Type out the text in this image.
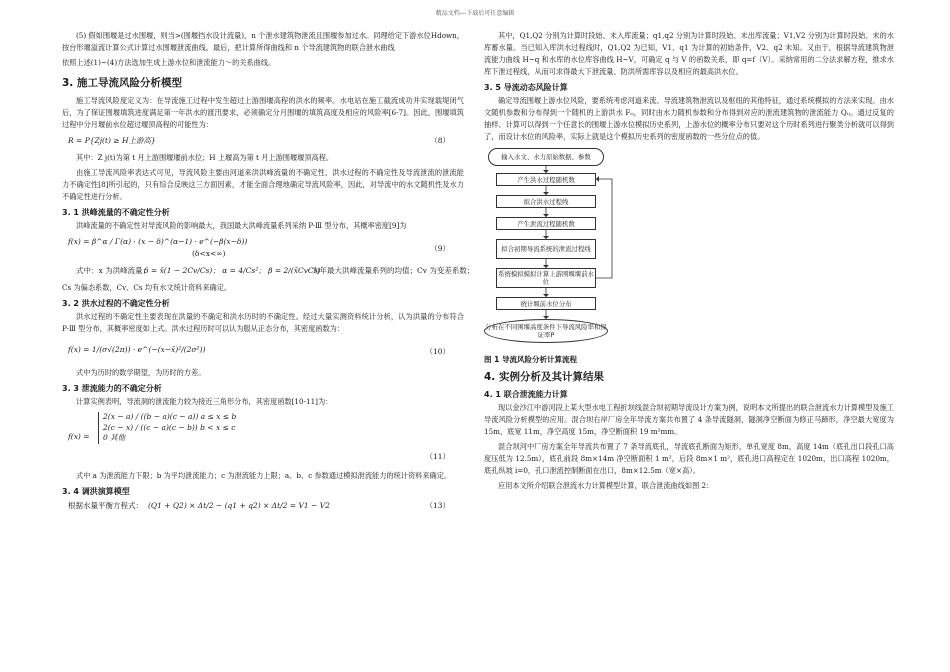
精品文档---下载后可任意编辑

(5) 假如围堰是过水围堰，则当>(围堰挡水设计流量)，n 个泄水建筑物泄流且围堰参加过水。同理给定下游水位Hdown，按台形堰溢流计算公式计算过水围堰泄流曲线。最后，把计算所得曲线和 n 个导流建筑物的联合泄水曲线

依照上述(1)~(4)方法选加生成上游水位和泄流能力～的关系曲线。

3. 施工导流风险分析模型

施工导流风险度定义为：在导流施工过程中发生超过上游围堰高程的洪水的频率。水电站在施工截流成功并实现载堤闭气后，为了保证围堰填筑进度满足第一年洪水的渡汛要求，必须确定分月围堰的填筑高度及相应的风险率[6-7]。因此，围堰填筑过程中分月堰前水位超过堰顶高程的可能性为：

R = P{Zj(t) ≥ H上游高}	（8）

其中：Z j(t)为第 t 月上游围堰堰前水位；H 上堰高为第 t 月上游围堰堰顶高程。

由施工导流风险率表达式可见，导流风险主要由河道来洪洪峰流量的不确定性、洪水过程的不确定性及导流泄流的泄流能力不确定性[8]所引起的，只有综合反映这三方面因素，才能全面合理地确定导流风险率，因此，对导流中的水文随机性及水力不确定性进行分析。

3. 1 洪峰流量的不确定性分析

洪峰流量的不确定性对导流风险的影响最大，我国最大洪峰流量系列采纳 P-Ⅲ 型分布，其概率密度[9]为

f(x) = β^α / Γ(α) · (x − δ)^(α−1) · e^(−β(x−δ))
(δ<x<∞)
（9）
式中：x 为洪峰流量；
δ = x̄(1 − 2Cv/Cs)； α = 4/Cs²； β = 2/(x̄CvCs)
为年最大洪峰流量系列的均值；Cv 为变差系数；

Cs 为偏态系数，Cv、Cs 均有水文统计资料来确定。

3. 2 洪水过程的不确定性分析

洪水过程的不确定性主要表现在洪量的不确定和洪水历时的不确定性。经过大量实测资料统计分析，认为洪量的分布符合 P-Ⅲ 型分布，其概率密度如上式。洪水过程历时可以认为服从正态分布，其密度函数为：

f(x) = 1/(σ√(2π)) · e^(−(x−x̄)²/(2σ²))	（10）

式中为历时的数学期望，为历时的方差。

3. 3 泄流能力的不确定分析

计算实例表明，导流洞的泄流能力较为接近三角形分布，其密度函数[10-11]为：

f(x) =
2(x − a) / ((b − a)(c − a)) a ≤ x ≤ b
2(c − x) / ((c − a)(c − b)) b < x ≤ c
0 其他
（11）

式中 a 为泄流能力下限；b 为平均泄流能力；c 为泄流能力上限；a、b、c 参数通过模拟泄流能力的统计资料来确定。

3. 4 调洪演算模型
根据水量平衡方程式： (Q1 + Q2) × Δt/2 − (q1 + q2) × Δt/2 = V1 − V2	（13）

其中，Q1,Q2 分别为计算时段始、末入库流量；q1,q2 分别为计算时段始、末出库流量；V1,V2 分别为计算时段始、末的水库蓄水量。当已知入库洪水过程线时，Q1,Q2 为已知，V1、q1 为计算的初始条件，V2、q2 未知。又由于，根据导流建筑物泄流能力曲线 H~q 和水库的水位库容曲线 H~V，可确定 q 与 V 的函数关系，即 q=f（V）。采纳常用的二分法求解方程，推求水库下泄过程线，从而可求得最大下泄流量、防洪所需库容以及相应的最高洪水位。

3. 5 导流动态风险计算

确定导流围堰上游水位风险，要系统考虑河道来流、导流建筑物泄流以及枢纽的其他特征，通过系统模拟的方法来实现。由水文随机参数和分布得到一个随机的上游洪水 Fᵢⱼ，同时由水力随机参数和分布得到对应的泄流建筑物的泄流能力 Qᵢⱼ。通过反复的抽样、计算可以得到一个任意长的围堰上游水位模拟历史系列，上游水位的概率分布只要对这个历时系列进行聚类分析就可以得到了，而设计水位的风险率，实际上就是这个模拟历史系列的密度函数的一些分位点的值。

输入水文、水力原始数据、参数
产生洪水过程随机数
拟合洪水过程线
产生泄流过程随机数
拟合初期导流系统的泄流过程线
系统模拟模拟计算上游围堰堰前水位
统计堰前水位分布
分析在不同围堰高度条件下导流风险率和保证率P
图 1 导流风险分析计算流程
4. 实例分析及其计算结果
4. 1 联合泄流能力计算

现以金沙江中游河段上某大型水电工程折坝线混合坝初期导流设计方案为例，说明本文所提出的联合泄流水力计算模型及施工导流风险分析模型的应用。混合坝右岸厂房全年导流方案共布置了 4 条导流隧洞，隧洞净空断面为修正马蹄形，净空最大宽度为 15m，底宽 11m，净空高度 15m，净空断面积 19 m²mm。

混合坝河中厂房方案全年导流共布置了 7 条导流底孔，导流底孔断面为矩形，单孔宽度 8m，高度 14m（底孔出口段孔口高度压低为 12.5m），底孔前段 8m×14m 净空断面积 1 m²，后段 8m×1 m²，底孔进口高程定在 1020m，出口高程 1020m，底孔纵坡 i=0，孔口泄流控制断面在出口，8m×12.5m（宽×高）。

应用本文所介绍联合泄流水力计算模型计算，联合泄流曲线如图 2：
